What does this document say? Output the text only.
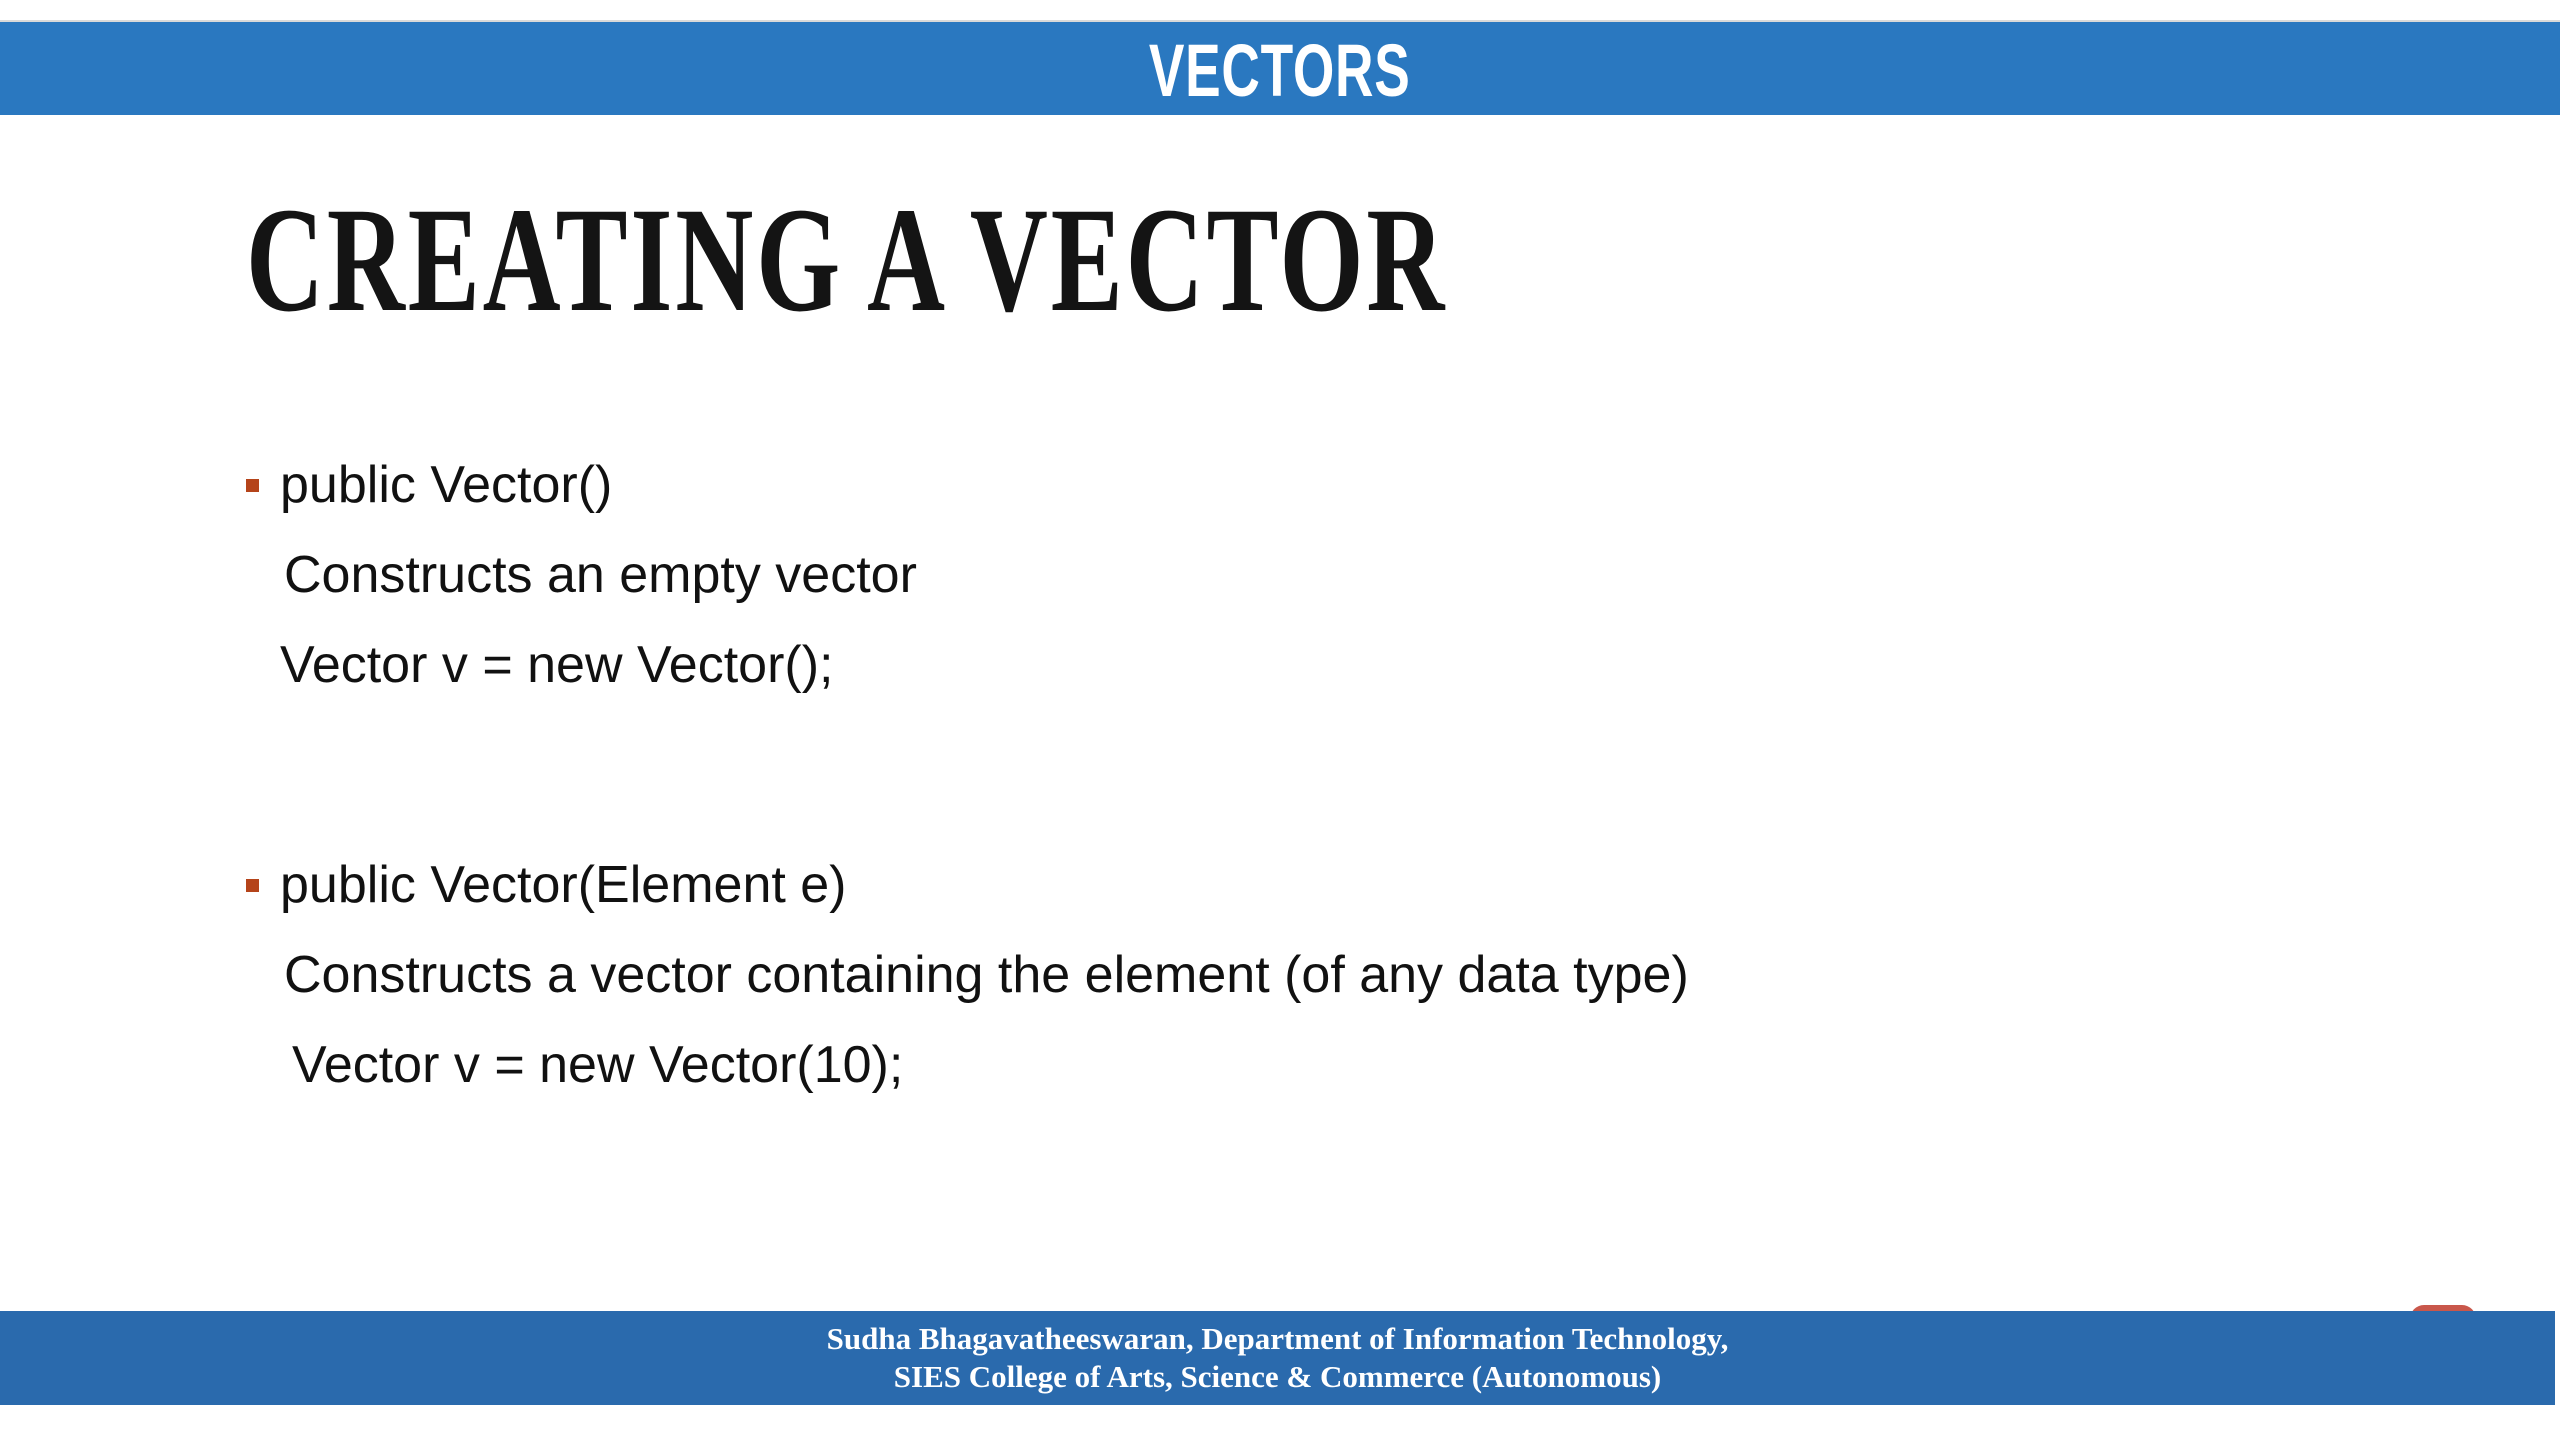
VECTORS
CREATING A VECTOR
public Vector()
Constructs an empty vector
Vector v = new Vector();
public Vector(Element e)
Constructs a vector containing the element (of any data type)
Vector v = new Vector(10);
Sudha Bhagavatheeswaran, Department of Information Technology,
SIES College of Arts, Science & Commerce (Autonomous)
